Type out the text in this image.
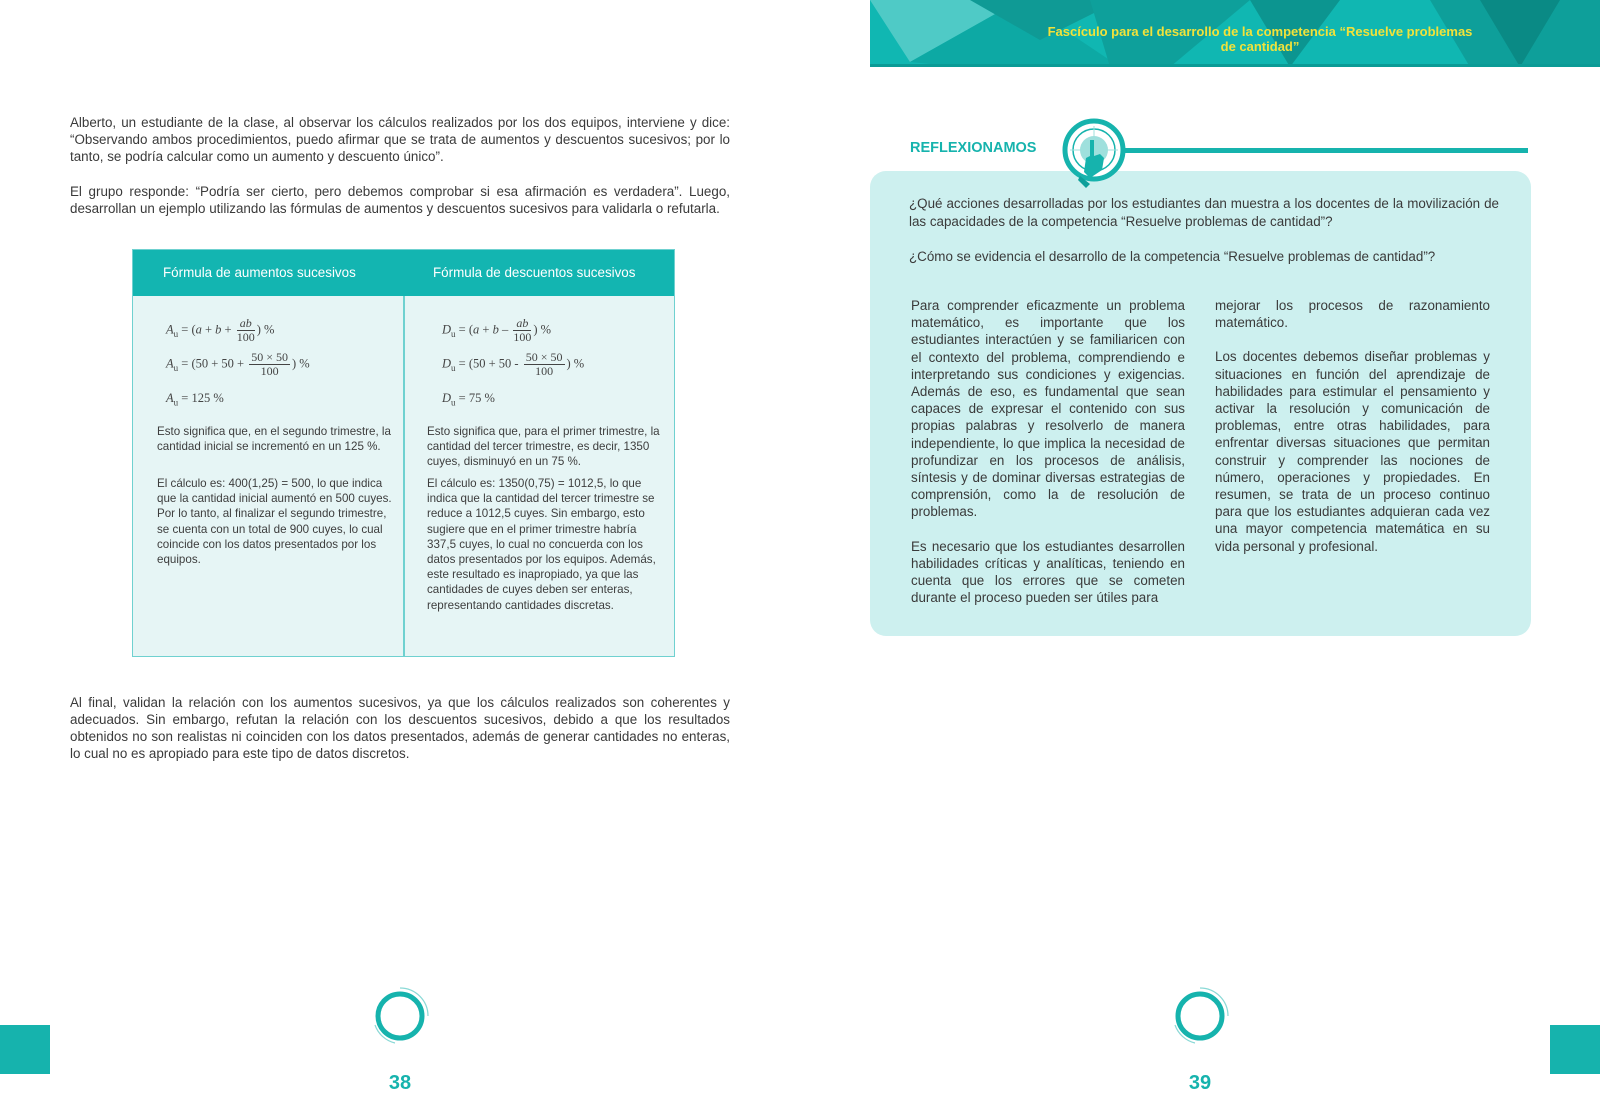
Alberto, un estudiante de la clase, al observar los cálculos realizados por los dos equipos, interviene y dice: “Observando ambos procedimientos, puedo afirmar que se trata de aumentos y descuentos sucesivos; por lo tanto, se podría calcular como un aumento y descuento único”.

El grupo responde: “Podría ser cierto, pero debemos comprobar si esa afirmación es verdadera”. Luego, desarrollan un ejemplo utilizando las fórmulas de aumentos y descuentos sucesivos para validarla o refutarla.

Fórmula de aumentos sucesivos	Fórmula de descuentos sucesivos
$A_u = (a + b + \frac{ab}{100}$ ) %
$A_u = (50 + 50 + \frac{50 \times 50}{100}$ ) %
$A_u = 125$ %

Esto significa que, en el segundo trimestre, la cantidad inicial se incrementó en un 125 %.

El cálculo es: 400(1,25) = 500, lo que indica que la cantidad inicial aumentó en 500 cuyes. Por lo tanto, al finalizar el segundo trimestre, se cuenta con un total de 900 cuyes, lo cual coincide con los datos presentados por los equipos.

$D_u = (a + b - \frac{ab}{100}$ ) %
$D_u = (50 + 50 - \frac{50 \times 50}{100}$ ) %
$D_u = 75$ %

Esto significa que, para el primer trimestre, la cantidad del tercer trimestre, es decir, 1350 cuyes, disminuyó en un 75 %.

El cálculo es: 1350(0,75) = 1012,5, lo que indica que la cantidad del tercer trimestre se reduce a 1012,5 cuyes. Sin embargo, esto sugiere que en el primer trimestre habría 337,5 cuyes, lo cual no concuerda con los datos presentados por los equipos. Además, este resultado es inapropiado, ya que las cantidades de cuyes deben ser enteras, representando cantidades discretas.

Al final, validan la relación con los aumentos sucesivos, ya que los cálculos realizados son coherentes y adecuados. Sin embargo, refutan la relación con los descuentos sucesivos, debido a que los resultados obtenidos no son realistas ni coinciden con los datos presentados, además de generar cantidades no enteras, lo cual no es apropiado para este tipo de datos discretos.

38
Fascículo para el desarrollo de la competencia “Resuelve problemas de cantidad”
REFLEXIONAMOS

¿Qué acciones desarrolladas por los estudiantes dan muestra a los docentes de la movilización de las capacidades de la competencia “Resuelve problemas de cantidad”?

¿Cómo se evidencia el desarrollo de la competencia “Resuelve problemas de cantidad”?

Para comprender eficazmente un problema matemático, es importante que los estudiantes interactúen y se familiaricen con el contexto del problema, comprendiendo e interpretando sus condiciones y exigencias. Además de eso, es fundamental que sean capaces de expresar el contenido con sus propias palabras y resolverlo de manera independiente, lo que implica la necesidad de profundizar en los procesos de análisis, síntesis y de dominar diversas estrategias de comprensión, como la de resolución de problemas.

Es necesario que los estudiantes desarrollen habilidades críticas y analíticas, teniendo en cuenta que los errores que se cometen durante el proceso pueden ser útiles para

mejorar los procesos de razonamiento matemático.

Los docentes debemos diseñar problemas y situaciones en función del aprendizaje de habilidades para estimular el pensamiento y activar la resolución y comunicación de problemas, entre otras habilidades, para enfrentar diversas situaciones que permitan construir y comprender las nociones de número, operaciones y propiedades. En resumen, se trata de un proceso continuo para que los estudiantes adquieran cada vez una mayor competencia matemática en su vida personal y profesional.

39
